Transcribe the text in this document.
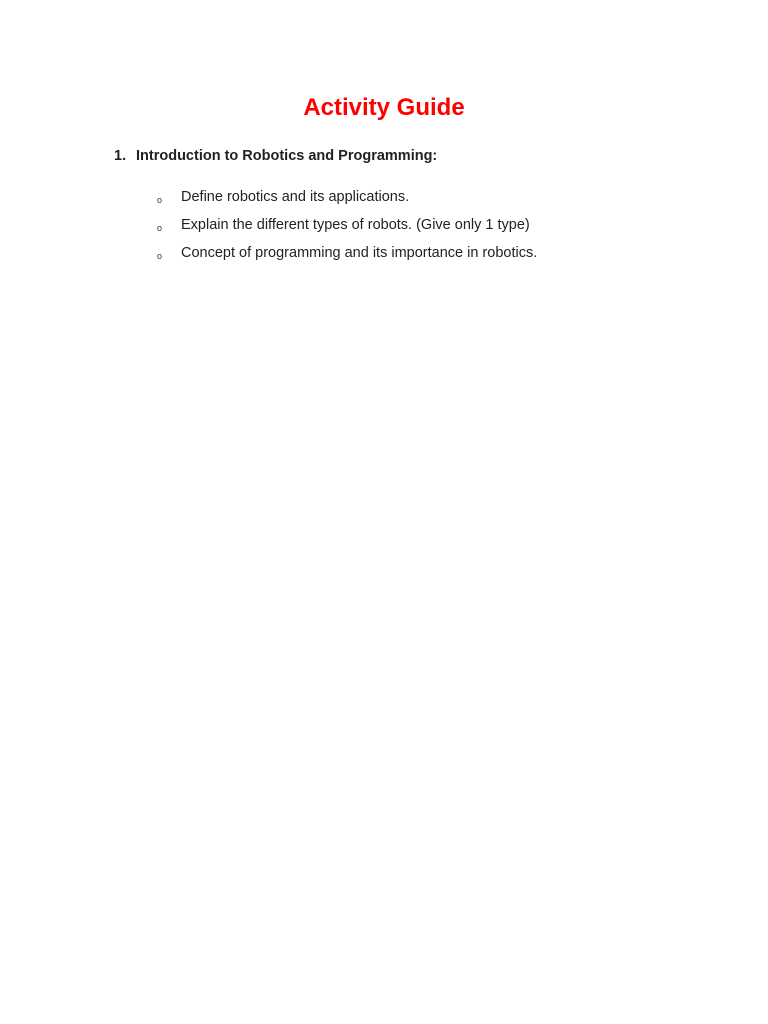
Activity Guide
1. Introduction to Robotics and Programming:
o Define robotics and its applications.
o Explain the different types of robots. (Give only 1 type)
o Concept of programming and its importance in robotics.
